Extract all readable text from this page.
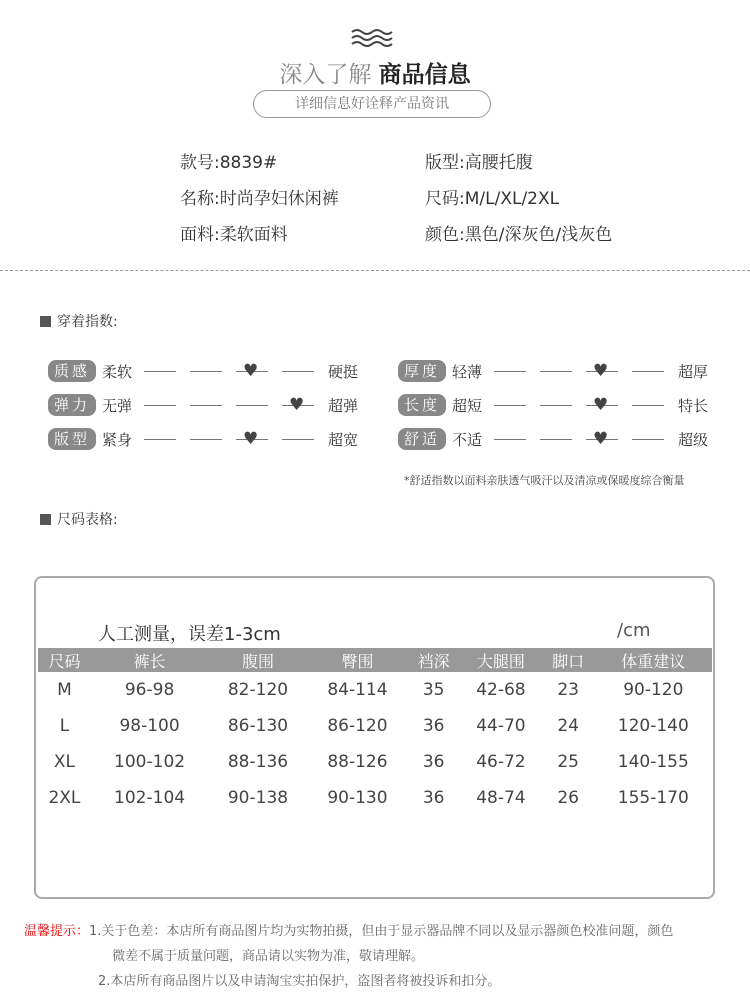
深入了解 商品信息
详细信息好诠释产品资讯
款号:8839#	版型:高腰托腹
名称:时尚孕妇休闲裤	尺码:M/L/XL/2XL
面料:柔软面料	颜色:黑色/深灰色/浅灰色
穿着指数:
质感 柔软	♥	硬挺	厚度 轻薄	♥	超厚
弹力 无弹	♥ 超弹	长度 超短	♥	特长
版型 紧身	♥	超宽	舒适 不适	♥	超级
*舒适指数以面料亲肤透气吸汗以及清凉或保暖度综合衡量
尺码表格:
人工测量，误差1-3cm	/cm
尺码	裤长	腹围	臀围	裆深	大腿围	脚口	体重建议
M	96-98	82-120	84-114	35	42-68	23	90-120
L	98-100	86-130	86-120	36	44-70	24	120-140
XL	100-102	88-136	88-126	36	46-72	25	140-155
2XL	102-104	90-138	90-130	36	48-74	26	155-170
温馨提示：1.关于色差：本店所有商品图片均为实物拍摄，但由于显示器品牌不同以及显示器颜色校准问题，颜色
微差不属于质量问题，商品请以实物为准，敬请理解。
2.本店所有商品图片以及申请淘宝实拍保护，盗图者将被投诉和扣分。
